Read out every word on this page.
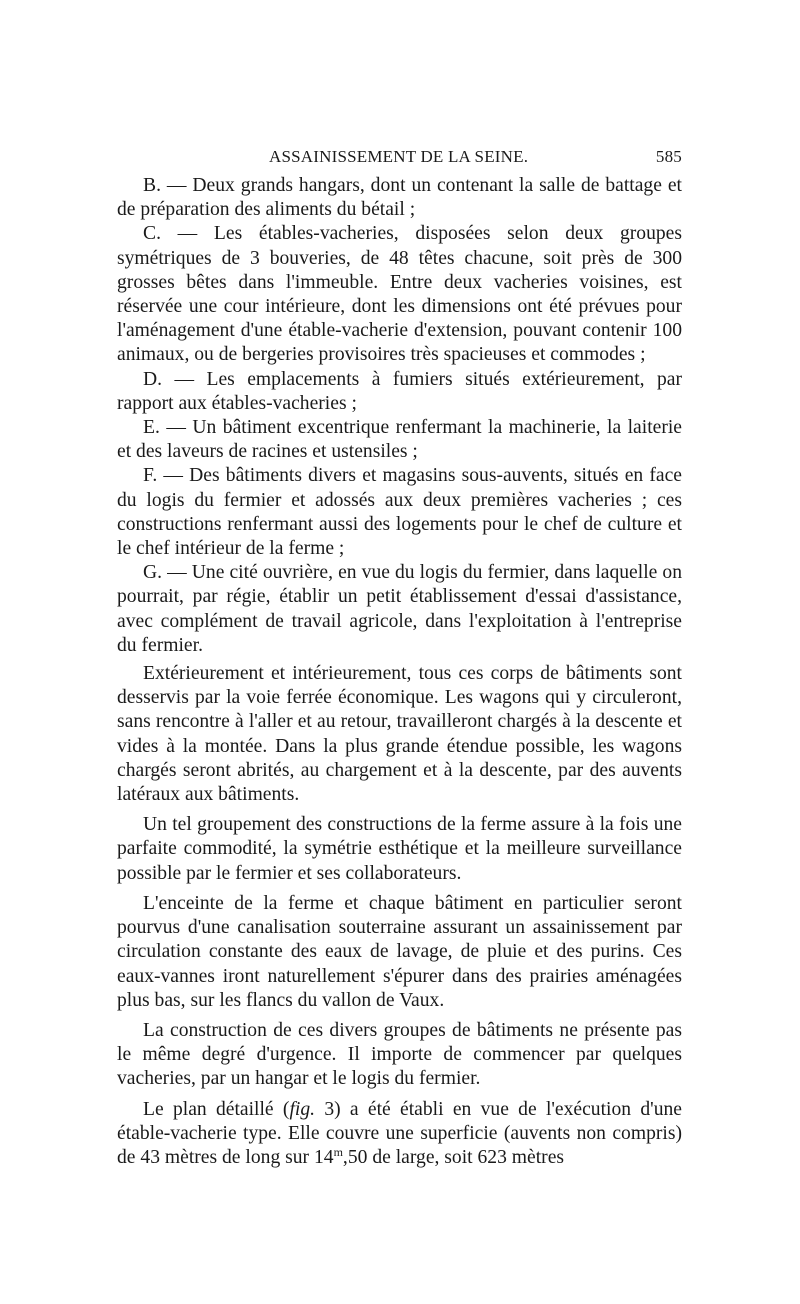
ASSAINISSEMENT DE LA SEINE.	585

B. — Deux grands hangars, dont un contenant la salle de battage et de préparation des aliments du bétail ;

C. — Les étables-vacheries, disposées selon deux groupes symétriques de 3 bouveries, de 48 têtes chacune, soit près de 300 grosses bêtes dans l'immeuble. Entre deux vacheries voisines, est réservée une cour intérieure, dont les dimensions ont été prévues pour l'aménagement d'une étable-vacherie d'extension, pouvant contenir 100 animaux, ou de bergeries provisoires très spacieuses et commodes ;

D. — Les emplacements à fumiers situés extérieurement, par rapport aux étables-vacheries ;

E. — Un bâtiment excentrique renfermant la machinerie, la laiterie et des laveurs de racines et ustensiles ;

F. — Des bâtiments divers et magasins sous-auvents, situés en face du logis du fermier et adossés aux deux premières vacheries ; ces constructions renfermant aussi des logements pour le chef de culture et le chef intérieur de la ferme ;

G. — Une cité ouvrière, en vue du logis du fermier, dans laquelle on pourrait, par régie, établir un petit établissement d'essai d'assistance, avec complément de travail agricole, dans l'exploitation à l'entreprise du fermier.

Extérieurement et intérieurement, tous ces corps de bâtiments sont desservis par la voie ferrée économique. Les wagons qui y circuleront, sans rencontre à l'aller et au retour, travailleront chargés à la descente et vides à la montée. Dans la plus grande étendue possible, les wagons chargés seront abrités, au chargement et à la descente, par des auvents latéraux aux bâtiments.

Un tel groupement des constructions de la ferme assure à la fois une parfaite commodité, la symétrie esthétique et la meilleure surveillance possible par le fermier et ses collaborateurs.

L'enceinte de la ferme et chaque bâtiment en particulier seront pourvus d'une canalisation souterraine assurant un assainissement par circulation constante des eaux de lavage, de pluie et des purins. Ces eaux-vannes iront naturellement s'épurer dans des prairies aménagées plus bas, sur les flancs du vallon de Vaux.

La construction de ces divers groupes de bâtiments ne présente pas le même degré d'urgence. Il importe de commencer par quelques vacheries, par un hangar et le logis du fermier.

Le plan détaillé (fig. 3) a été établi en vue de l'exécution d'une étable-vacherie type. Elle couvre une superficie (auvents non compris) de 43 mètres de long sur 14$^m$,50 de large, soit 623 mètres
